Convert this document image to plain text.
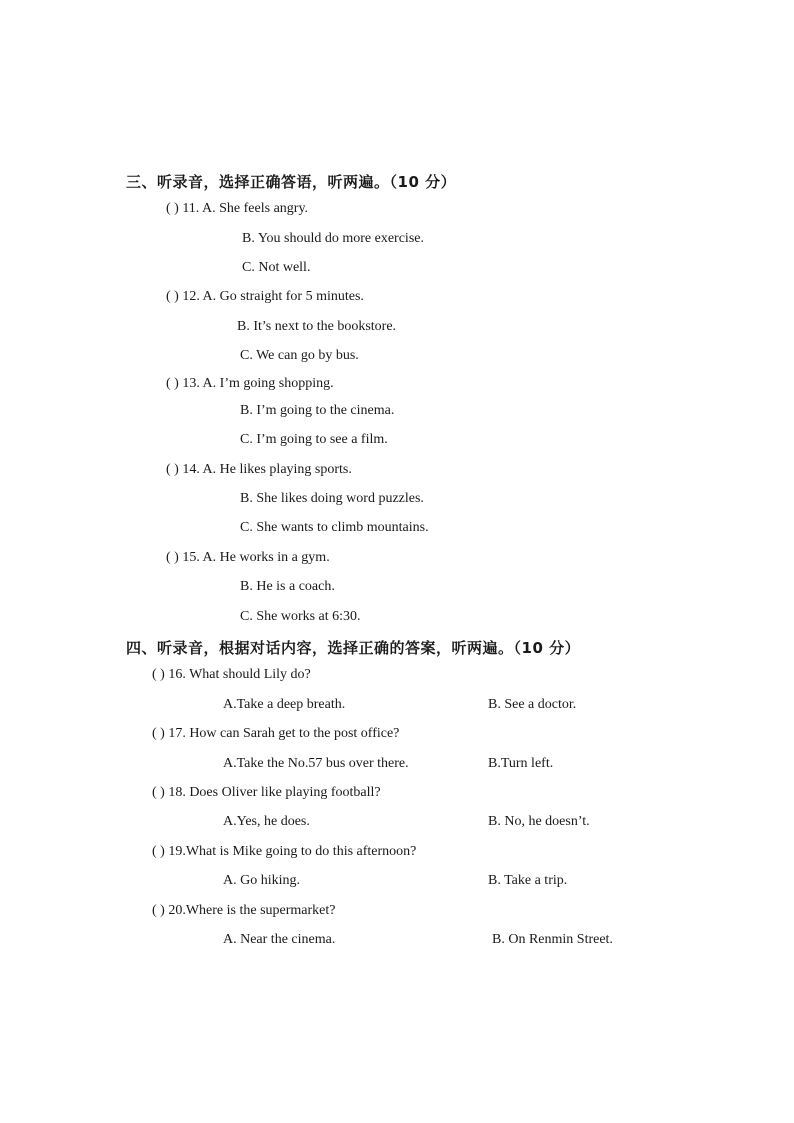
三、听录音，选择正确答语，听两遍。（10 分）
( ) 11. A. She feels angry.
B. You should do more exercise.
C. Not well.
( ) 12. A. Go straight for 5 minutes.
B. It’s next to the bookstore.
C. We can go by bus.
( ) 13. A. I’m going shopping.
B. I’m going to the cinema.
C. I’m going to see a film.
( ) 14. A. He likes playing sports.
B. She likes doing word puzzles.
C. She wants to climb mountains.
( ) 15. A. He works in a gym.
B. He is a coach.
C. She works at 6:30.
四、听录音，根据对话内容，选择正确的答案，听两遍。（10 分）
( ) 16. What should Lily do?
A.Take a deep breath.	B. See a doctor.
( ) 17. How can Sarah get to the post office?
A.Take the No.57 bus over there.	B.Turn left.
( ) 18. Does Oliver like playing football?
A.Yes, he does.	B. No, he doesn’t.
( ) 19.What is Mike going to do this afternoon?
A. Go hiking.	B. Take a trip.
( ) 20.Where is the supermarket?
A. Near the cinema.	B. On Renmin Street.
